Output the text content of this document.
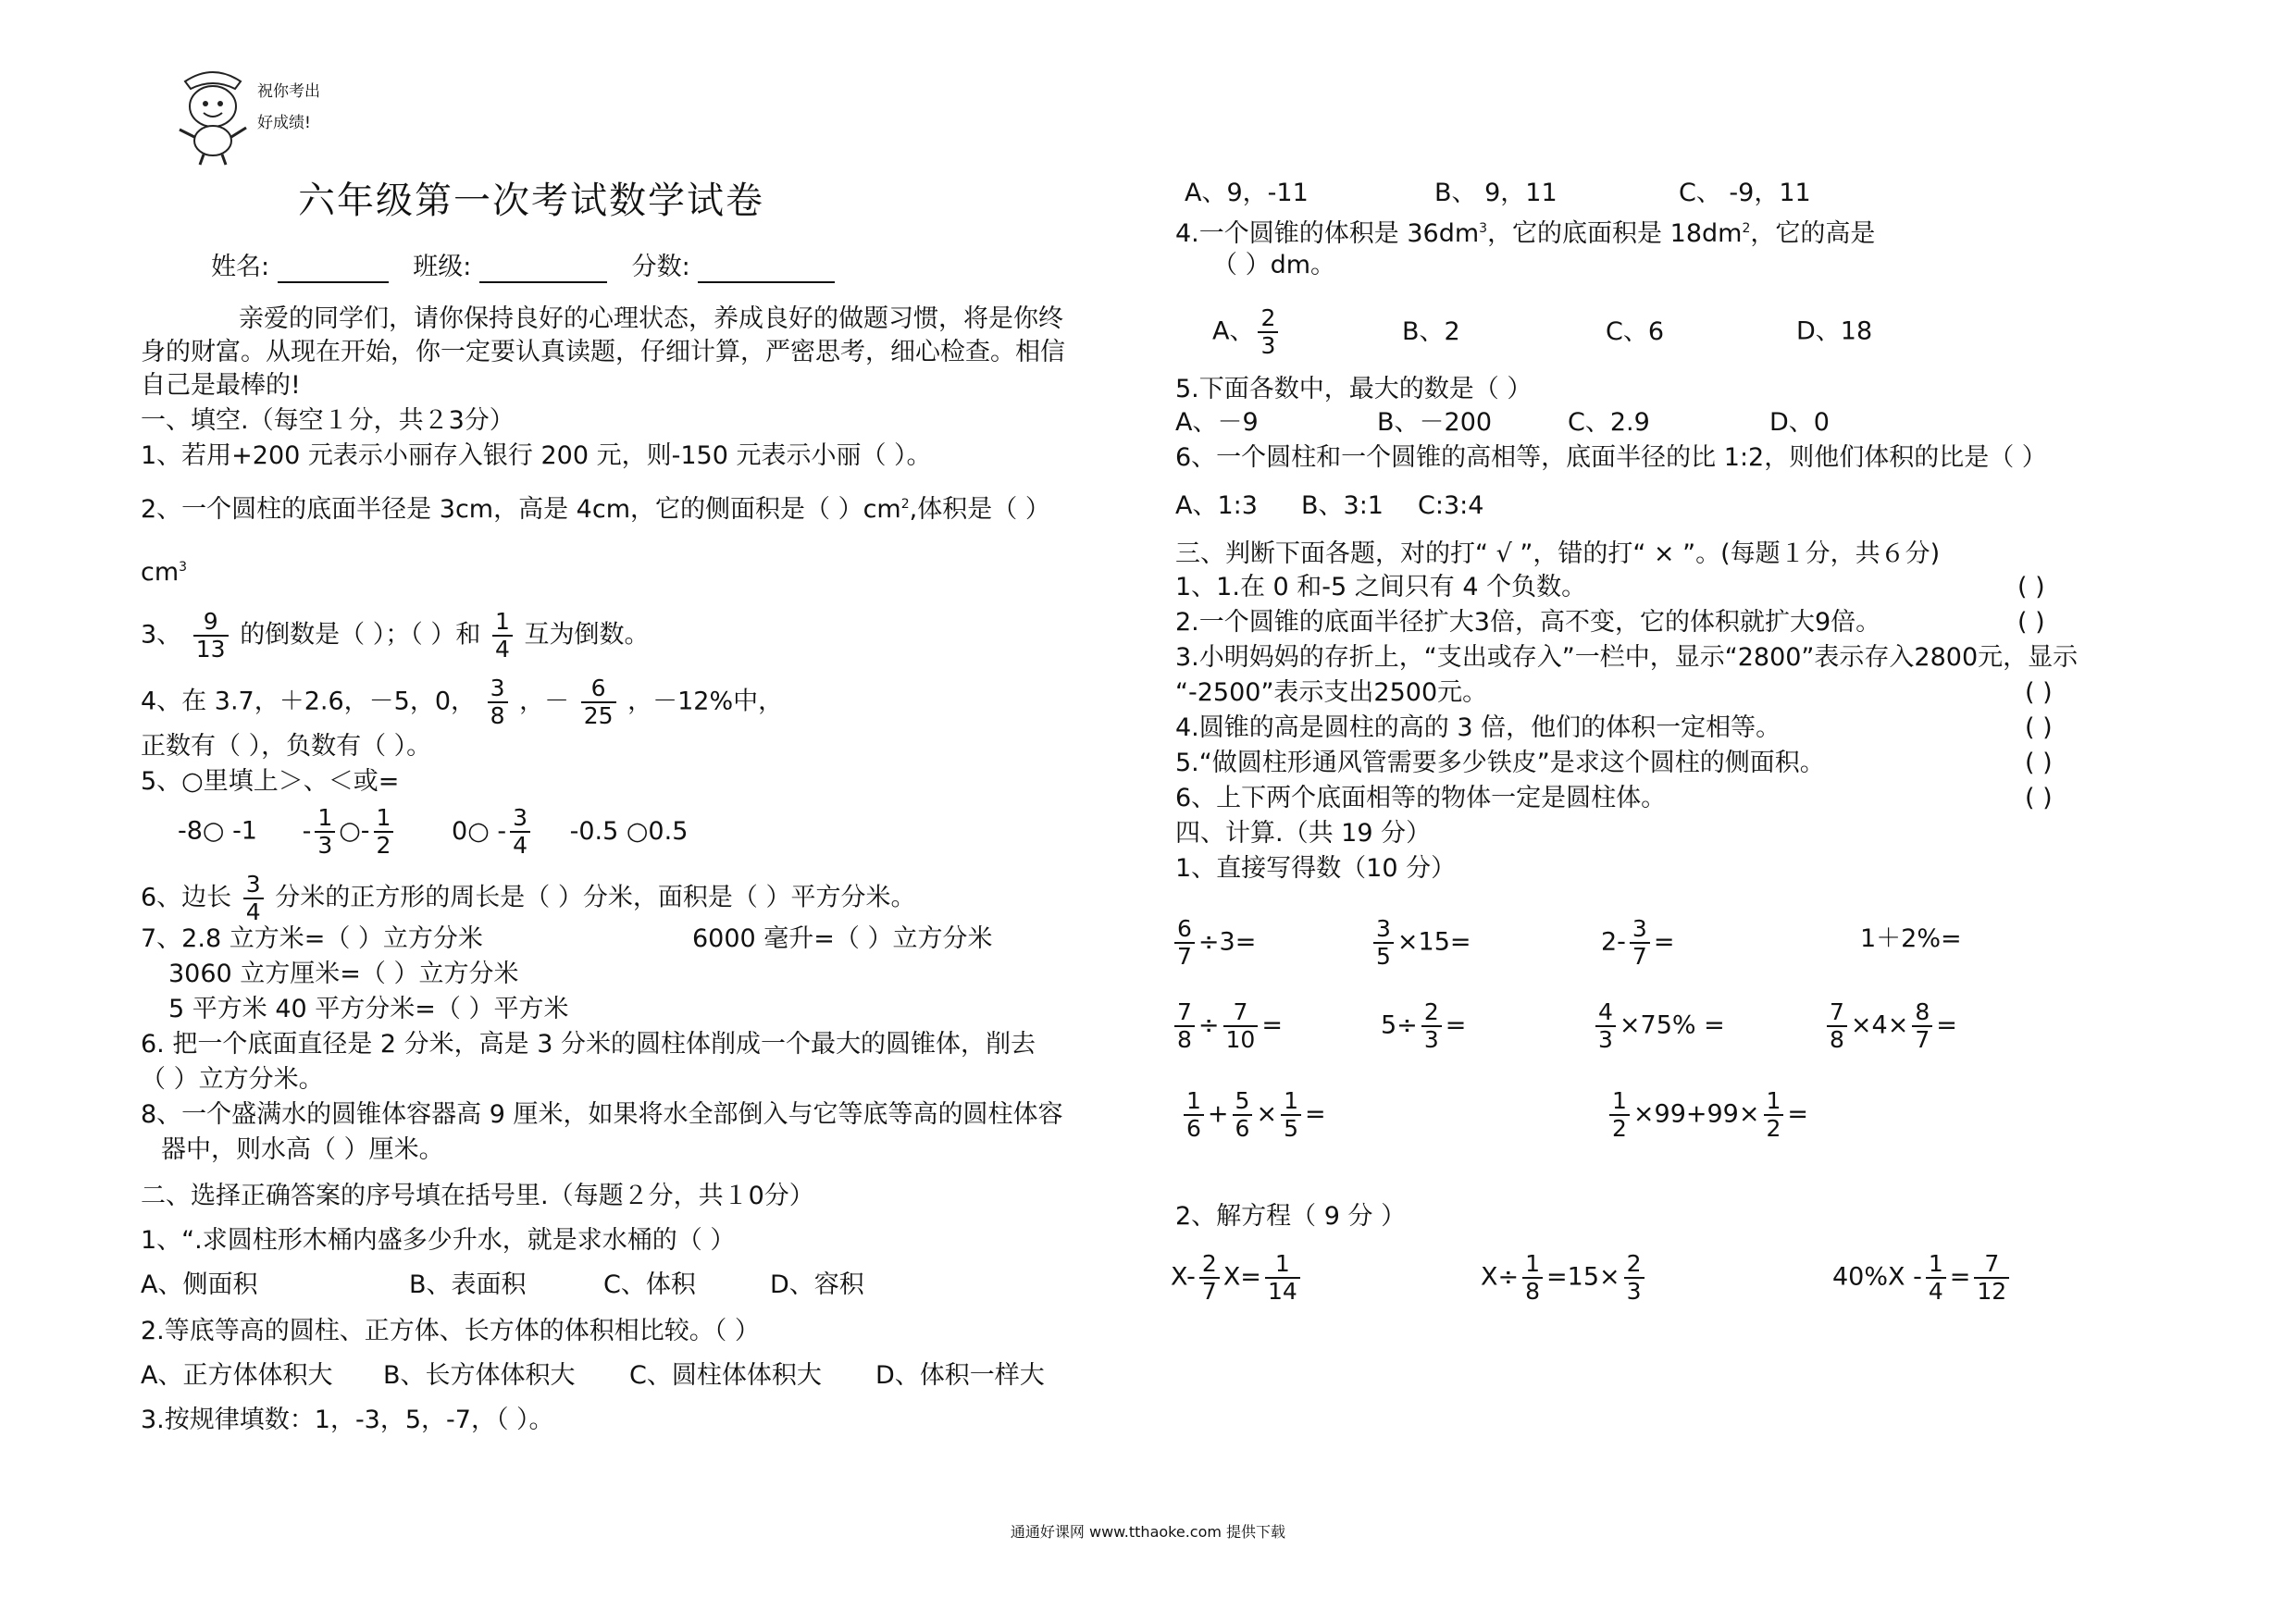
祝你考出
好成绩!
六年级第一次考试数学试卷
姓名:	班级:	分数:
亲爱的同学们，请你保持良好的心理状态，养成良好的做题习惯，将是你终
身的财富。从现在开始，你一定要认真读题，仔细计算，严密思考，细心检查。相信
自己是最棒的!
一、填空.（每空１分，共２3分）
1、若用+200 元表示小丽存入银行 200 元，则-150 元表示小丽（ ）。
2、一个圆柱的底面半径是 3cm，高是 4cm，它的侧面积是（ ）$cm^2$,体积是（ ）
$cm^3$
3、 $\frac{9}{13}$ 的倒数是（ ）；（ ）和 $\frac{1}{4}$ 互为倒数。
4、在 3.7，＋2.6，－5，0， $\frac{3}{8}$ ，－ $\frac{6}{25}$ ，－12%中，
正数有（ ），负数有（ ）。
5、○里填上＞、＜或=
-8○ $-1 - \frac{1}{3}$ ○- $\frac{1}{2}$ 0○ - $\frac{3}{4} -0.5$ ○0.5
6、边长 $\frac{3}{4}$ 分米的正方形的周长是（ ）分米，面积是（ ）平方分米。
7、2.8 立方米=（ ）立方分米	6000 毫升=（ ）立方分米
3060 立方厘米=（ ）立方分米
5 平方米 40 平方分米=（ ）平方米
6. 把一个底面直径是 2 分米，高是 3 分米的圆柱体削成一个最大的圆锥体，削去
（ ）立方分米。
8、一个盛满水的圆锥体容器高 9 厘米，如果将水全部倒入与它等底等高的圆柱体容
器中，则水高（ ）厘米。
二、选择正确答案的序号填在括号里.（每题２分，共１0分）
1、“.求圆柱形木桶内盛多少升水，就是求水桶的（ ）
A、侧面积	B、表面积	C、体积	D、容积
2.等底等高的圆柱、正方体、长方体的体积相比较。（ ）
A、正方体体积大 B、长方体体积大 C、圆柱体体积大 D、体积一样大
3.按规律填数：1，-3，5，-7，（ ）。
A、9，-11	B、 9，11	C、 -9，11
4.一个圆锥的体积是 $36dm^3$，它的底面积是 $18dm^2$，它的高是
（ ）dm。
A、 $\frac{2}{3}$	B、2	C、6	D、18
5.下面各数中，最大的数是（ ）
A、－9	B、－200	C、2.9	D、0
6、一个圆柱和一个圆锥的高相等，底面半径的比 1:2，则他们体积的比是（ ）
A、1:3 B、3:1 C:3:4
三、判断下面各题，对的打“ √ ”，错的打“ × ”。(每题１分，共６分)
1、1.在 0 和-5 之间只有 4 个负数。	( )
2.一个圆锥的底面半径扩大3倍，高不变，它的体积就扩大9倍。	( )
3.小明妈妈的存折上，“支出或存入”一栏中，显示“2800”表示存入2800元，显示
“-2500”表示支出2500元。	( )
4.圆锥的高是圆柱的高的 3 倍，他们的体积一定相等。	( )
5.“做圆柱形通风管需要多少铁皮”是求这个圆柱的侧面积。	( )
6、上下两个底面相等的物体一定是圆柱体。	( )
四、计算.（共 19 分）
1、直接写得数（10 分）
$\frac{6}{7} \div 3=$	$\frac{3}{5} \times 15=$	$2- \frac{3}{7}$ =	1＋2%=
$\frac{7}{8} \div \frac{7}{10}$ =	$5\div \frac{2}{3}$ =	$\frac{4}{3} \times 75\%$ =	$\frac{7}{8} \times 4\times \frac{8}{7}$ =
$\frac{1}{6} + \frac{5}{6} \times \frac{1}{5}$ =	$\frac{1}{2} \times 99+99\times \frac{1}{2}$ =
2、解方程（ 9 分 ）
$X- \frac{2}{7} X= \frac{1}{14}$	$X\div \frac{1}{8} =15\times \frac{2}{3}$	$40\%X - \frac{1}{4} = \frac{7}{12}$
通通好课网 www.tthaoke.com 提供下载
